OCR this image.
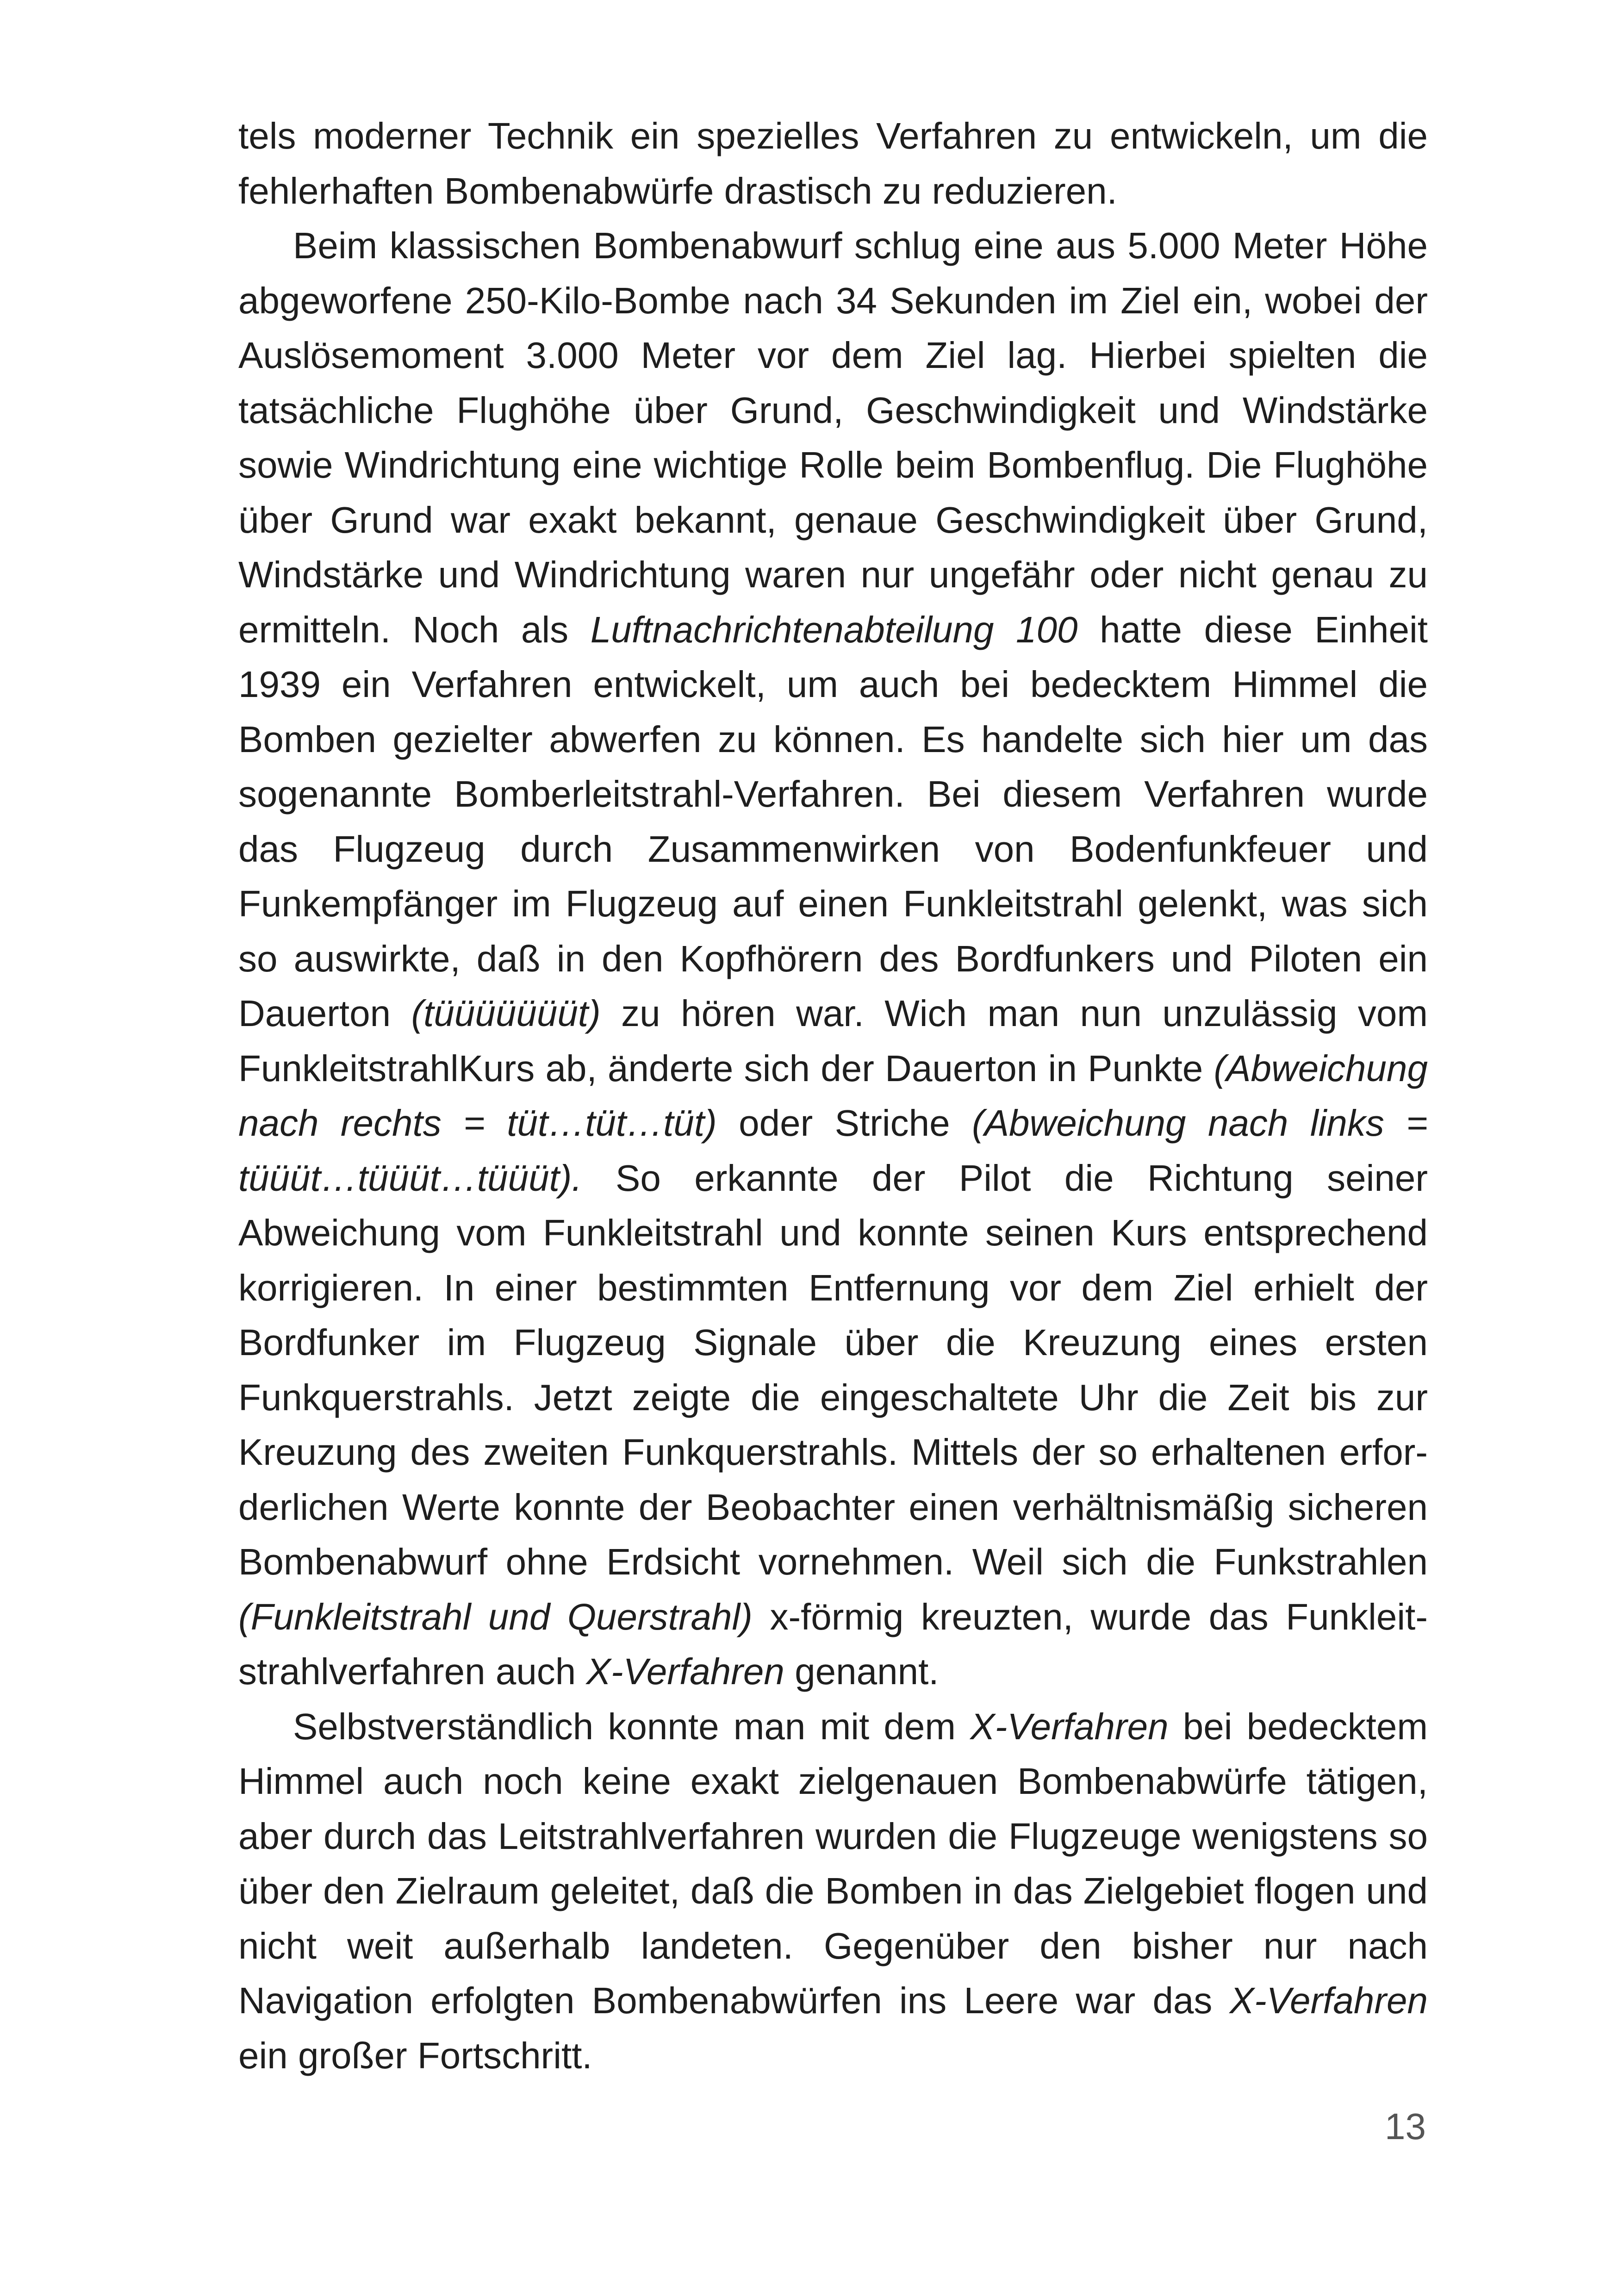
tels moderner Technik ein spezielles Verfahren zu entwickeln, um die fehlerhaften Bombenabwürfe drastisch zu reduzieren.

Beim klassischen Bombenabwurf schlug eine aus 5.000 Meter Höhe abgeworfene 250-Kilo-Bombe nach 34 Sekunden im Ziel ein, wobei der Auslösemoment 3.000 Meter vor dem Ziel lag. Hierbei spielten die tatsächliche Flughöhe über Grund, Geschwindigkeit und Windstärke sowie Windrichtung eine wichtige Rolle beim Bombenflug. Die Flughöhe über Grund war exakt bekannt, genaue Geschwindigkeit über Grund, Windstärke und Windrichtung waren nur ungefähr oder nicht genau zu ermitteln. Noch als Luftnachrichtenabteilung 100 hatte diese Einheit 1939 ein Verfahren entwickelt, um auch bei bedecktem Himmel die Bomben gezielter abwerfen zu können. Es handelte sich hier um das sogenannte Bomberleitstrahl-Verfahren. Bei diesem Verfahren wurde das Flugzeug durch Zusammenwirken von Bodenfunkfeuer und Funkempfänger im Flugzeug auf einen Funkleitstrahl gelenkt, was sich so auswirkte, daß in den Kopfhörern des Bordfunkers und Piloten ein Dauerton (tüüüüüüüt) zu hören war. Wich man nun unzulässig vom FunkleitstrahlKurs ab, änderte sich der Dauerton in Punkte (Abweichung nach rechts = tüt…tüt…tüt) oder Striche (Abweichung nach links = tüüüt…tüüüt…tüüüt). So erkannte der Pilot die Richtung seiner Abweichung vom Funkleitstrahl und konnte seinen Kurs entsprechend korrigieren. In einer bestimmten Entfernung vor dem Ziel erhielt der Bordfunker im Flugzeug Signale über die Kreuzung eines ersten Funkquerstrahls. Jetzt zeigte die eingeschaltete Uhr die Zeit bis zur Kreuzung des zweiten Funkquerstrahls. Mittels der so erhaltenen erforderlichen Werte konnte der Beobachter einen verhältnismäßig sicheren Bombenabwurf ohne Erdsicht vornehmen. Weil sich die Funkstrahlen (Funkleitstrahl und Querstrahl) x-förmig kreuzten, wurde das Funkleitstrahlverfahren auch X-Verfahren genannt.

Selbstverständlich konnte man mit dem X-Verfahren bei bedecktem Himmel auch noch keine exakt zielgenauen Bombenabwürfe tätigen, aber durch das Leitstrahlverfahren wurden die Flugzeuge wenigstens so über den Zielraum geleitet, daß die Bomben in das Zielgebiet flogen und nicht weit außerhalb landeten. Gegenüber den bisher nur nach Navigation erfolgten Bombenabwürfen ins Leere war das X-Verfahren ein großer Fortschritt.

13
